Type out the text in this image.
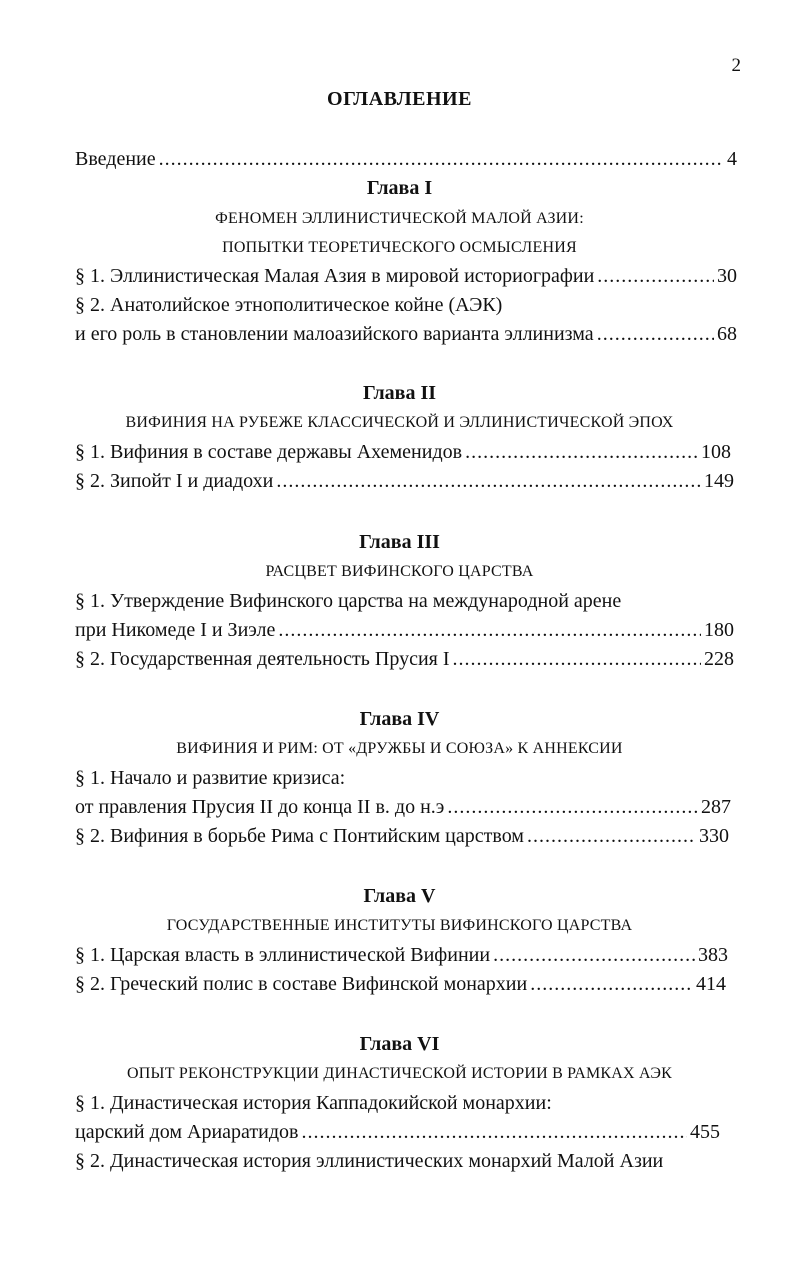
2
ОГЛАВЛЕНИЕ
Введение .....	4
Глава I
ФЕНОМЕН ЭЛЛИНИСТИЧЕСКОЙ МАЛОЙ АЗИИ:
ПОПЫТКИ ТЕОРЕТИЧЕСКОГО ОСМЫСЛЕНИЯ
§ 1. Эллинистическая Малая Азия в мировой историографии .....	30
§ 2. Анатолийское этнополитическое койне (АЭК)
и его роль в становлении малоазийского варианта эллинизма .....	68
Глава II
ВИФИНИЯ НА РУБЕЖЕ КЛАССИЧЕСКОЙ И ЭЛЛИНИСТИЧЕСКОЙ ЭПОХ
§ 1. Вифиния в составе державы Ахеменидов .....	108
§ 2. Зипойт I и диадохи .....	149
Глава III
РАСЦВЕТ ВИФИНСКОГО ЦАРСТВА
§ 1. Утверждение Вифинского царства на международной арене
при Никомеде I и Зиэле .....	180
§ 2. Государственная деятельность Прусия I .....	228
Глава IV
ВИФИНИЯ И РИМ: ОТ «ДРУЖБЫ И СОЮЗА» К АННЕКСИИ
§ 1. Начало и развитие кризиса:
от правления Прусия II до конца II в. до н.э .....	287
§ 2. Вифиния в борьбе Рима с Понтийским царством .....	330
Глава V
ГОСУДАРСТВЕННЫЕ ИНСТИТУТЫ ВИФИНСКОГО ЦАРСТВА
§ 1. Царская власть в эллинистической Вифинии .....	383
§ 2. Греческий полис в составе Вифинской монархии .....	414
Глава VI
ОПЫТ РЕКОНСТРУКЦИИ ДИНАСТИЧЕСКОЙ ИСТОРИИ В РАМКАХ АЭК
§ 1. Династическая история Каппадокийской монархии:
царский дом Ариаратидов .....	455
§ 2. Династическая история эллинистических монархий Малой Азии
